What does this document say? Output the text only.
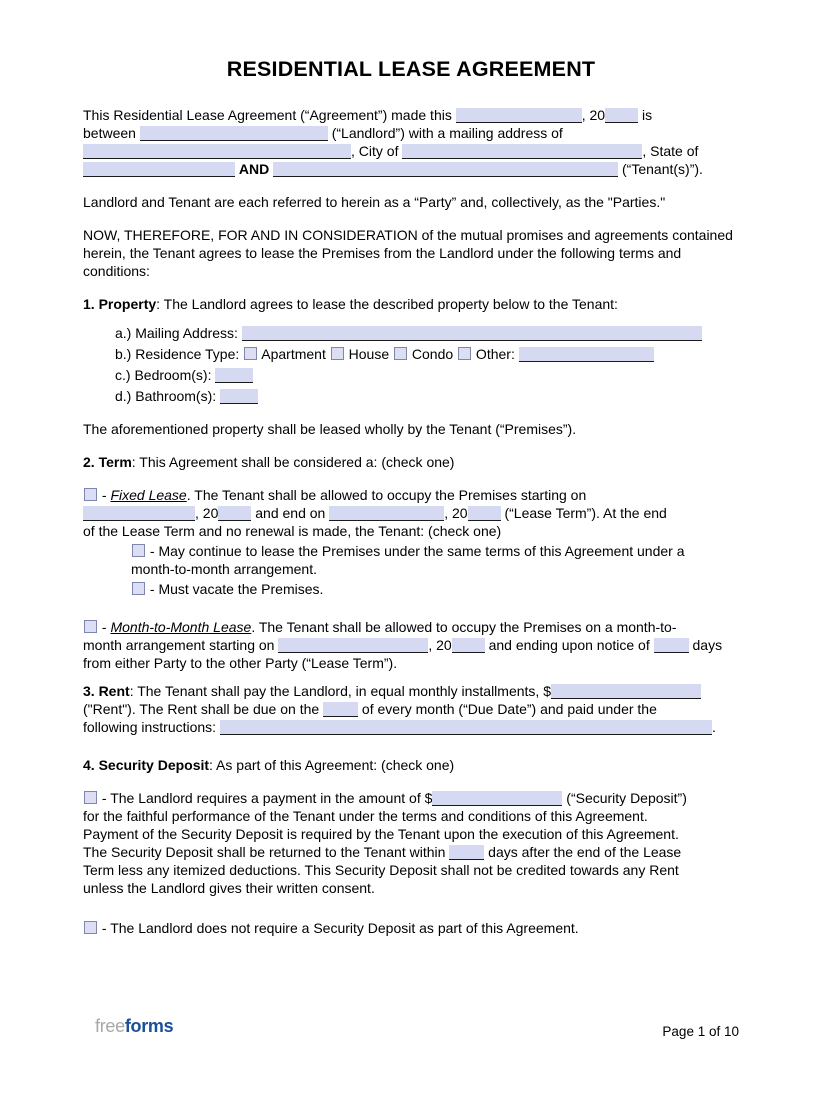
RESIDENTIAL LEASE AGREEMENT
This Residential Lease Agreement (“Agreement”) made this	, 20 is
between	(“Landlord”) with a mailing address of
, City of	, State of
AND	(“Tenant(s)”).
Landlord and Tenant are each referred to herein as a “Party” and, collectively, as the "Parties."
NOW, THEREFORE, FOR AND IN CONSIDERATION of the mutual promises and agreements contained herein, the Tenant agrees to lease the Premises from the Landlord under the following terms and conditions:
1. Property: The Landlord agrees to lease the described property below to the Tenant:
a.) Mailing Address:
b.) Residence Type:  Apartment  House  Condo  Other:
c.) Bedroom(s):
d.) Bathroom(s):
The aforementioned property shall be leased wholly by the Tenant (“Premises”).
2. Term: This Agreement shall be considered a: (check one)
- Fixed Lease. The Tenant shall be allowed to occupy the Premises starting on
, 20 and end on	, 20 (“Lease Term”). At the end
of the Lease Term and no renewal is made, the Tenant: (check one)
- May continue to lease the Premises under the same terms of this Agreement under a
month-to-month arrangement.
- Must vacate the Premises.
- Month-to-Month Lease. The Tenant shall be allowed to occupy the Premises on a month-to-
month arrangement starting on	, 20 and ending upon notice of	days
from either Party to the other Party (“Lease Term”).
3. Rent: The Tenant shall pay the Landlord, in equal monthly installments, $
("Rent"). The Rent shall be due on the	of every month (“Due Date”) and paid under the
following instructions:	.
4. Security Deposit: As part of this Agreement: (check one)
- The Landlord requires a payment in the amount of $	(“Security Deposit”)
for the faithful performance of the Tenant under the terms and conditions of this Agreement.
Payment of the Security Deposit is required by the Tenant upon the execution of this Agreement.
The Security Deposit shall be returned to the Tenant within	days after the end of the Lease
Term less any itemized deductions. This Security Deposit shall not be credited towards any Rent
unless the Landlord gives their written consent.
- The Landlord does not require a Security Deposit as part of this Agreement.
freeforms	Page 1 of 10
